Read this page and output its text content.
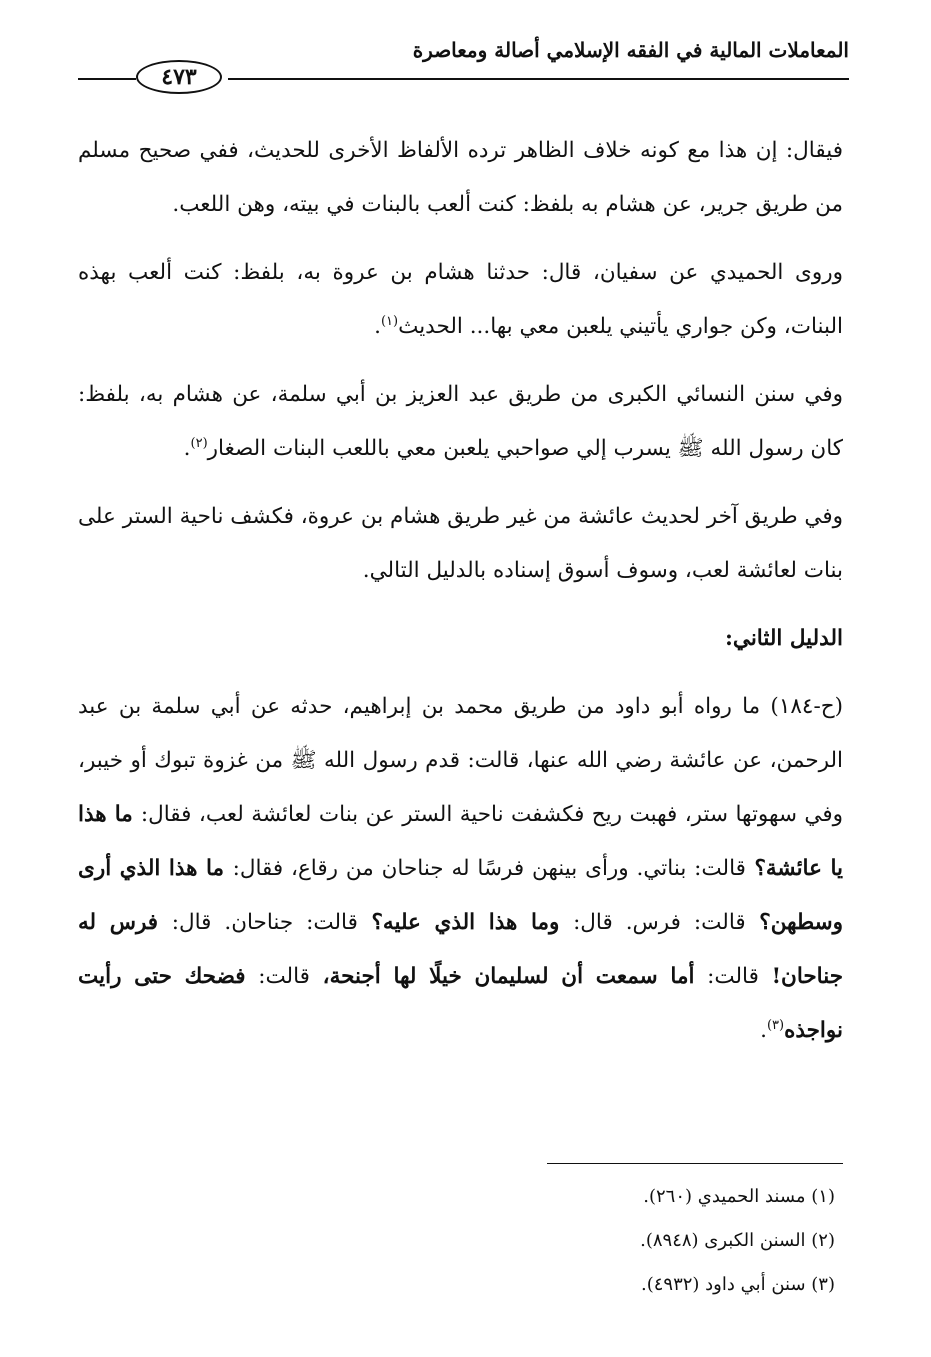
المعاملات المالية في الفقه الإسلامي أصالة ومعاصرة
٤٧٣

فيقال: إن هذا مع كونه خلاف الظاهر ترده الألفاظ الأخرى للحديث، ففي صحيح مسلم من طريق جرير، عن هشام به بلفظ: كنت ألعب بالبنات في بيته، وهن اللعب.

وروى الحميدي عن سفيان، قال: حدثنا هشام بن عروة به، بلفظ: كنت ألعب بهذه البنات، وكن جواري يأتيني يلعبن معي بها... الحديث$^{(١)}$.

وفي سنن النسائي الكبرى من طريق عبد العزيز بن أبي سلمة، عن هشام به، بلفظ: كان رسول الله ﷺ يسرب إلي صواحبي يلعبن معي باللعب البنات الصغار$^{(٢)}$.

وفي طريق آخر لحديث عائشة من غير طريق هشام بن عروة، فكشف ناحية الستر على بنات لعائشة لعب، وسوف أسوق إسناده بالدليل التالي.

الدليل الثاني:

(ح-١٨٤) ما رواه أبو داود من طريق محمد بن إبراهيم، حدثه عن أبي سلمة بن عبد الرحمن، عن عائشة رضي الله عنها، قالت: قدم رسول الله ﷺ من غزوة تبوك أو خيبر، وفي سهوتها ستر، فهبت ريح فكشفت ناحية الستر عن بنات لعائشة لعب، فقال: ما هذا يا عائشة؟ قالت: بناتي. ورأى بينهن فرسًا له جناحان من رقاع، فقال: ما هذا الذي أرى وسطهن؟ قالت: فرس. قال: وما هذا الذي عليه؟ قالت: جناحان. قال: فرس له جناحان! قالت: أما سمعت أن لسليمان خيلًا لها أجنحة، قالت: فضحك حتى رأيت نواجذه$^{(٣)}$.

(١) مسند الحميدي (٢٦٠).

(٢) السنن الكبرى (٨٩٤٨).

(٣) سنن أبي داود (٤٩٣٢).
